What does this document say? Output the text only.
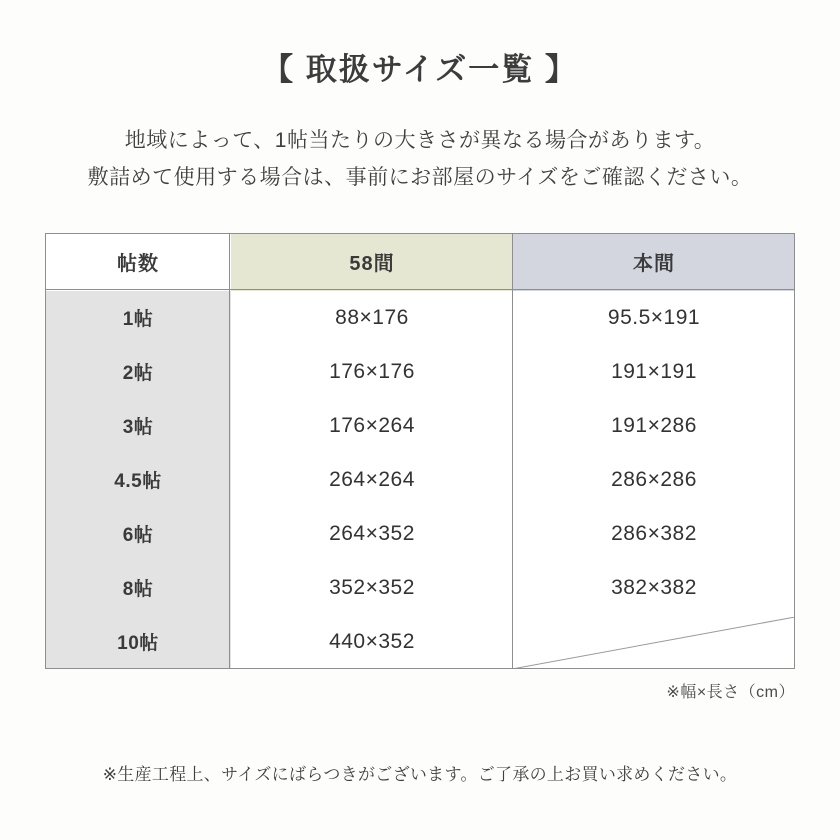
【 取扱サイズ一覧 】
地域によって、1帖当たりの大きさが異なる場合があります。
敷詰めて使用する場合は、事前にお部屋のサイズをご確認ください。
帖数	58間	本間
1帖	88×176	95.5×191
2帖	176×176	191×191
3帖	176×264	191×286
4.5帖	264×264	286×286
6帖	264×352	286×382
8帖	352×352	382×382
10帖	440×352	
※幅×長さ（cm）
※生産工程上、サイズにばらつきがございます。ご了承の上お買い求めください。
